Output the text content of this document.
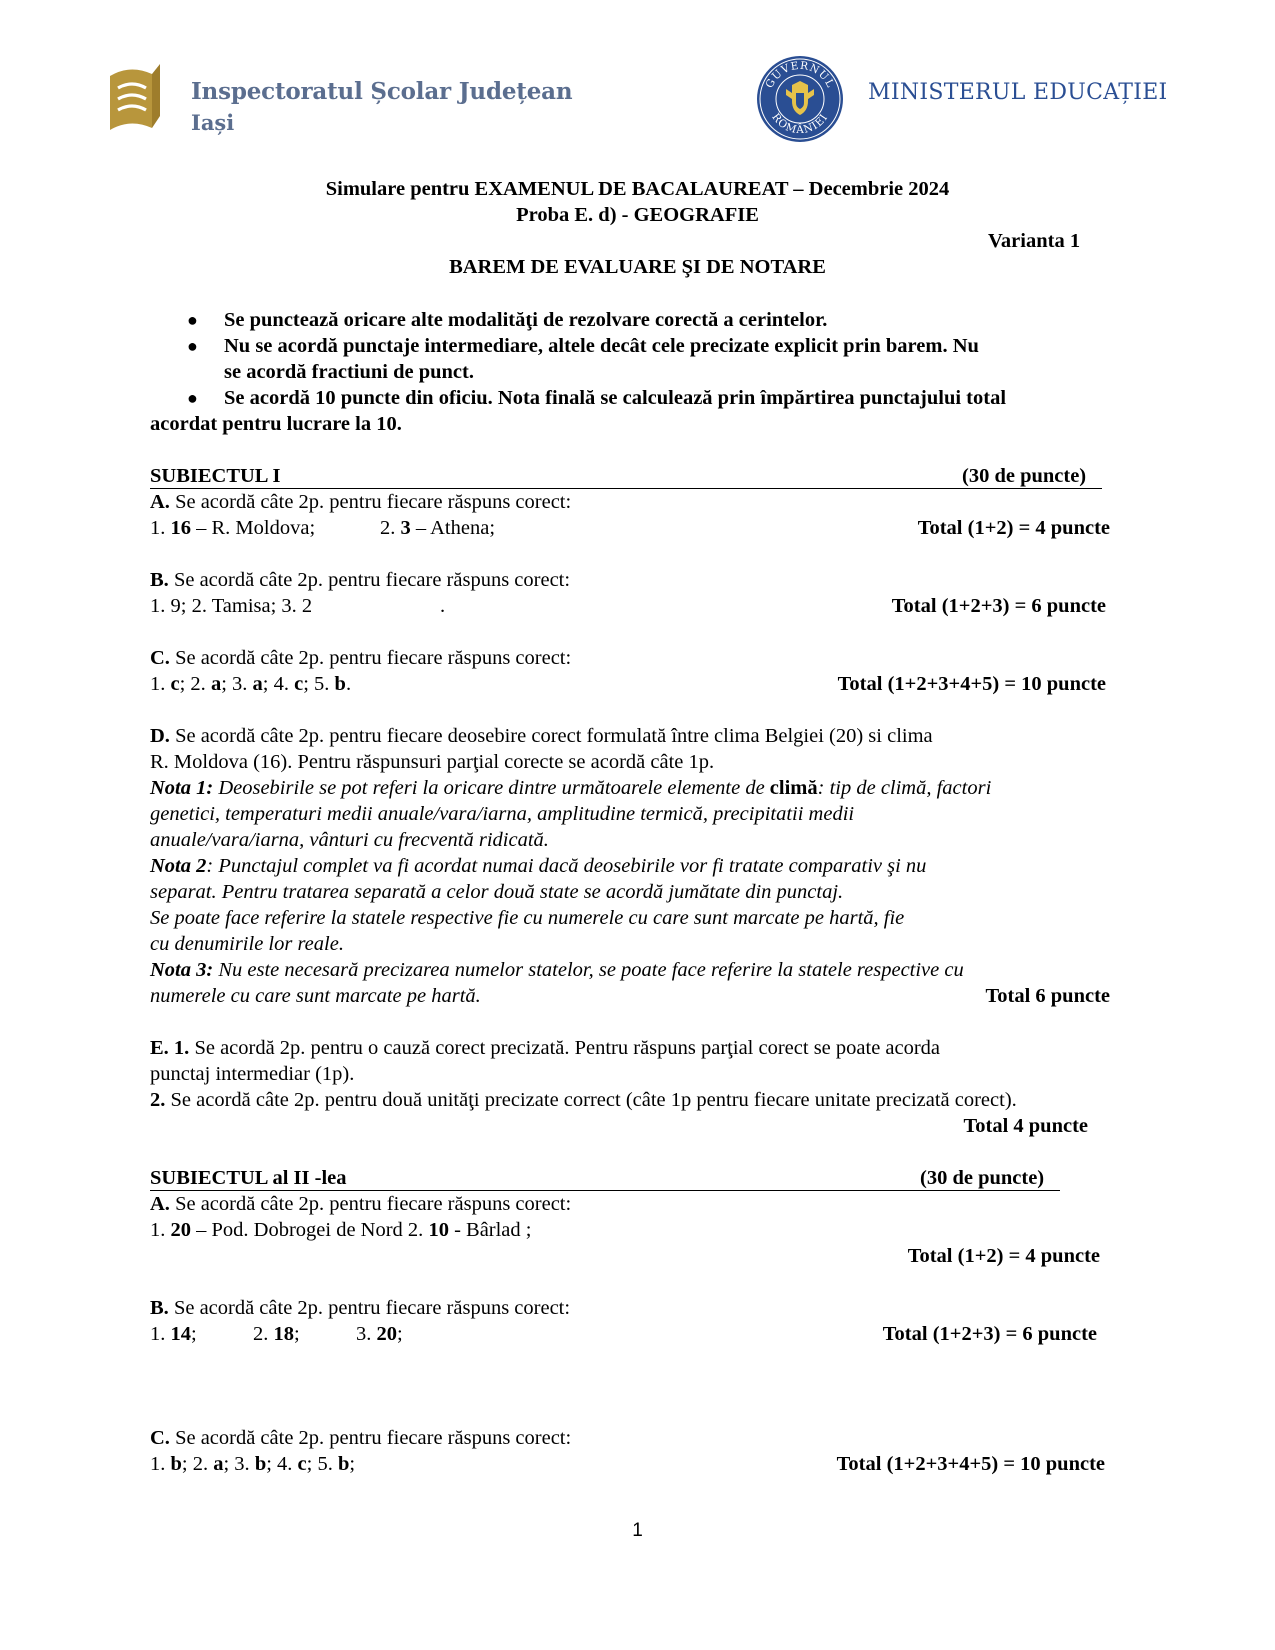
Inspectoratul Școlar Județean
Iași
GUVERNUL
ROMÂNIEI
MINISTERUL EDUCAȚIEI
Simulare pentru EXAMENUL DE BACALAUREAT – Decembrie 2024
Proba E. d) - GEOGRAFIE
Varianta 1
BAREM DE EVALUARE ŞI DE NOTARE
● Se punctează oricare alte modalităţi de rezolvare corectă a cerintelor.
● Nu se acordă punctaje intermediare, altele decât cele precizate explicit prin barem. Nu
se acordă fractiuni de punct.
● Se acordă 10 puncte din oficiu. Nota finală se calculează prin împărtirea punctajului total
acordat pentru lucrare la 10.
SUBIECTUL I	(30 de puncte)
A. Se acordă câte 2p. pentru fiecare răspuns corect:
1. 16 – R. Moldova;	2. 3 – Athena;	Total (1+2) = 4 puncte
B. Se acordă câte 2p. pentru fiecare răspuns corect:
1. 9; 2. Tamisa; 3. 2	.	Total (1+2+3) = 6 puncte
C. Se acordă câte 2p. pentru fiecare răspuns corect:
1. c; 2. a; 3. a; 4. c; 5. b.	Total (1+2+3+4+5) = 10 puncte
D. Se acordă câte 2p. pentru fiecare deosebire corect formulată între clima Belgiei (20) si clima
R. Moldova (16). Pentru răspunsuri parţial corecte se acordă câte 1p.
Nota 1: Deosebirile se pot referi la oricare dintre următoarele elemente de climă: tip de climă, factori
genetici, temperaturi medii anuale/vara/iarna, amplitudine termică, precipitatii medii
anuale/vara/iarna, vânturi cu frecventă ridicată.
Nota 2: Punctajul complet va fi acordat numai dacă deosebirile vor fi tratate comparativ şi nu
separat. Pentru tratarea separată a celor două state se acordă jumătate din punctaj.
Se poate face referire la statele respective fie cu numerele cu care sunt marcate pe hartă, fie
cu denumirile lor reale.
Nota 3: Nu este necesară precizarea numelor statelor, se poate face referire la statele respective cu
numerele cu care sunt marcate pe hartă.	Total 6 puncte
E. 1. Se acordă 2p. pentru o cauză corect precizată. Pentru răspuns parţial corect se poate acorda
punctaj intermediar (1p).
2. Se acordă câte 2p. pentru două unităţi precizate correct (câte 1p pentru fiecare unitate precizată corect).
Total 4 puncte
SUBIECTUL al II -lea	(30 de puncte)
A. Se acordă câte 2p. pentru fiecare răspuns corect:
1. 20 – Pod. Dobrogei de Nord 2. 10 - Bârlad ;
Total (1+2) = 4 puncte
B. Se acordă câte 2p. pentru fiecare răspuns corect:
1. 14;	2. 18;	3. 20;	Total (1+2+3) = 6 puncte
C. Se acordă câte 2p. pentru fiecare răspuns corect:
1. b; 2. a; 3. b; 4. c; 5. b;	Total (1+2+3+4+5) = 10 puncte
1
